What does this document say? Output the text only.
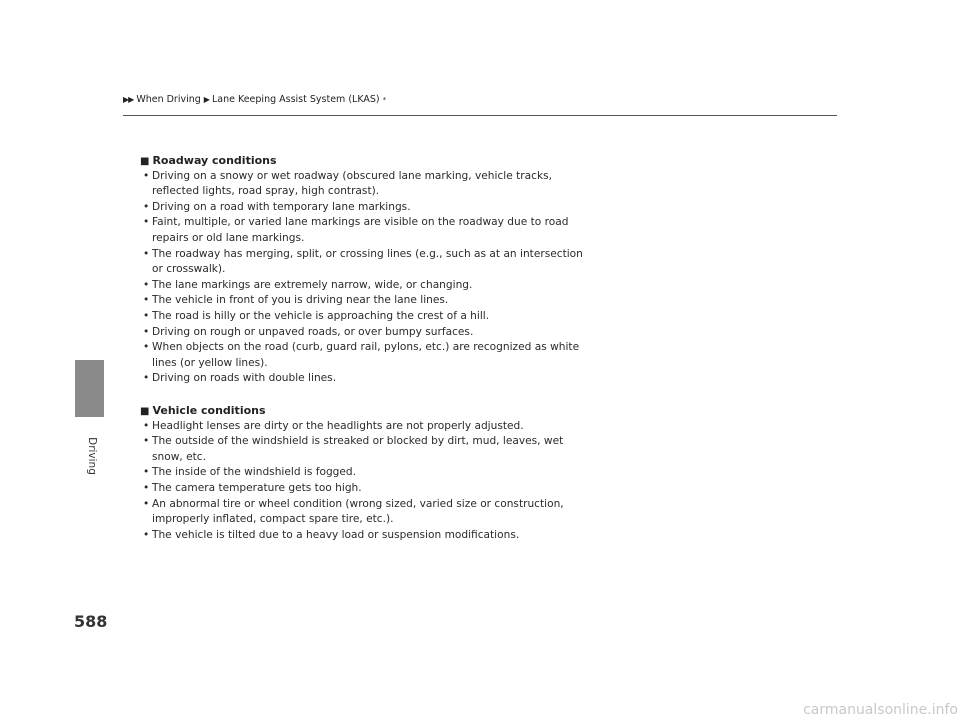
▶ ▶ When Driving ▶ Lane Keeping Assist System (LKAS) *
Driving
588
■ Roadway conditions
• Driving on a snowy or wet roadway (obscured lane marking, vehicle tracks, reflected lights, road spray, high contrast).
• Driving on a road with temporary lane markings.
• Faint, multiple, or varied lane markings are visible on the roadway due to road repairs or old lane markings.
• The roadway has merging, split, or crossing lines (e.g., such as at an intersection or crosswalk).
• The lane markings are extremely narrow, wide, or changing.
• The vehicle in front of you is driving near the lane lines.
• The road is hilly or the vehicle is approaching the crest of a hill.
• Driving on rough or unpaved roads, or over bumpy surfaces.
• When objects on the road (curb, guard rail, pylons, etc.) are recognized as white lines (or yellow lines).
• Driving on roads with double lines.
■ Vehicle conditions
• Headlight lenses are dirty or the headlights are not properly adjusted.
• The outside of the windshield is streaked or blocked by dirt, mud, leaves, wet snow, etc.
• The inside of the windshield is fogged.
• The camera temperature gets too high.
• An abnormal tire or wheel condition (wrong sized, varied size or construction, improperly inflated, compact spare tire, etc.).
• The vehicle is tilted due to a heavy load or suspension modifications.
carmanualsonline.info
